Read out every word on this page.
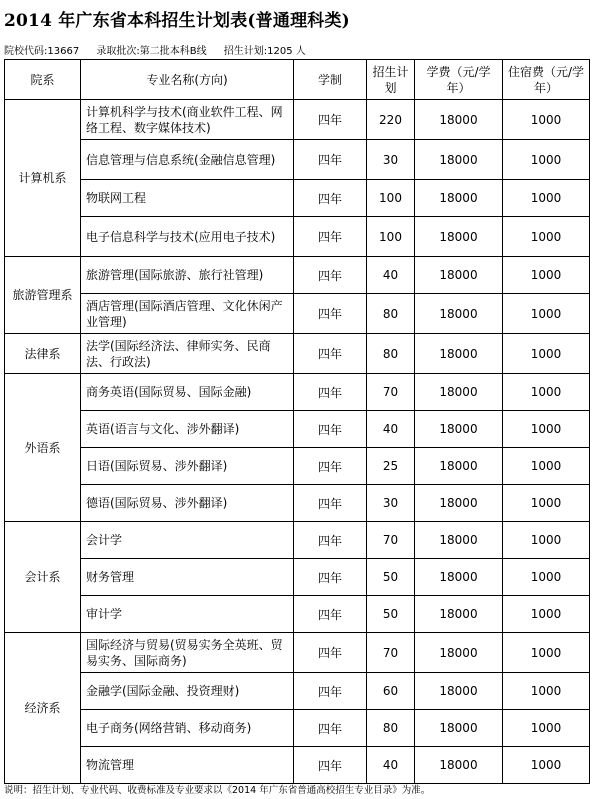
2014 年广东省本科招生计划表(普通理科类)
院校代码:13667 录取批次:第二批本科B线 招生计划:1205 人
院系	专业名称(方向)	学制	招生计划	学费（元/学年）	住宿费（元/学年）
计算机系	计算机科学与技术(商业软件工程、网络工程、数字媒体技术)	四年	220	18000	1000
	信息管理与信息系统(金融信息管理)	四年	30	18000	1000
	物联网工程	四年	100	18000	1000
	电子信息科学与技术(应用电子技术)	四年	100	18000	1000
旅游管理系	旅游管理(国际旅游、旅行社管理)	四年	40	18000	1000
	酒店管理(国际酒店管理、文化休闲产业管理)	四年	80	18000	1000
法律系	法学(国际经济法、律师实务、民商法、行政法)	四年	80	18000	1000
外语系	商务英语(国际贸易、国际金融)	四年	70	18000	1000
	英语(语言与文化、涉外翻译)	四年	40	18000	1000
	日语(国际贸易、涉外翻译)	四年	25	18000	1000
	德语(国际贸易、涉外翻译)	四年	30	18000	1000
会计系	会计学	四年	70	18000	1000
	财务管理	四年	50	18000	1000
	审计学	四年	50	18000	1000
经济系	国际经济与贸易(贸易实务全英班、贸易实务、国际商务)	四年	70	18000	1000
	金融学(国际金融、投资理财)	四年	60	18000	1000
	电子商务(网络营销、移动商务)	四年	80	18000	1000
	物流管理	四年	40	18000	1000
说明：招生计划、专业代码、收费标准及专业要求以《2014 年广东省普通高校招生专业目录》为准。
